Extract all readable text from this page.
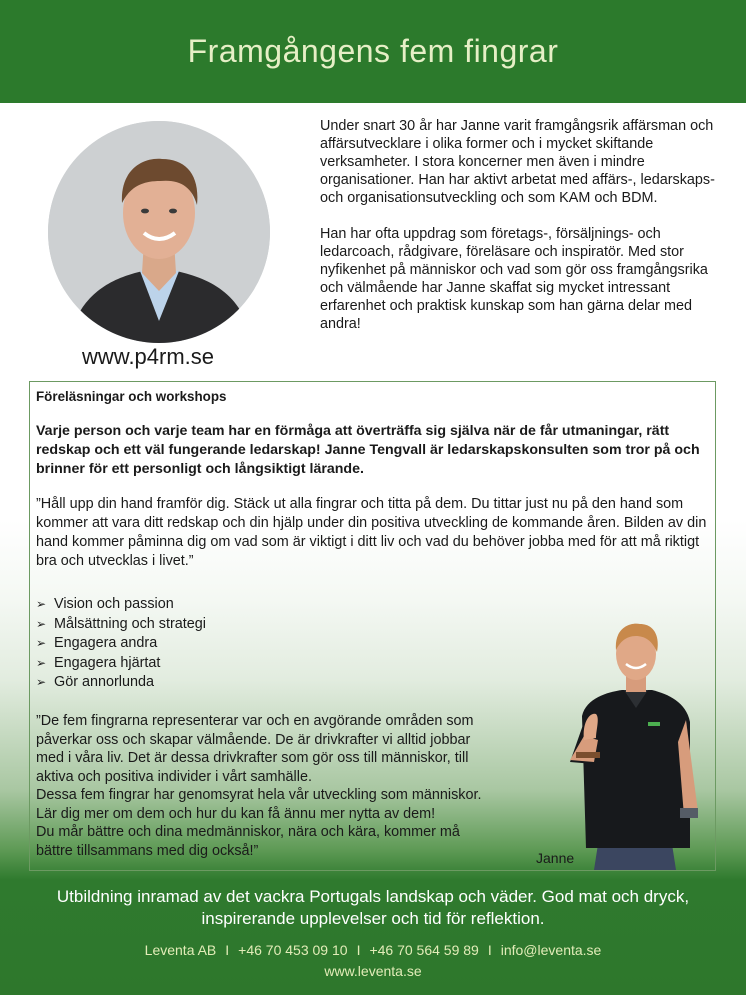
Framgångens fem fingrar
www.p4rm.se

Under snart 30 år har Janne varit framgångsrik affärsman och affärsutvecklare i olika former och i mycket skiftande verksamheter. I stora koncerner men även i mindre organisationer. Han har aktivt arbetat med affärs-, ledarskaps- och organisationsutveckling och som KAM och BDM.

Han har ofta uppdrag som företags-, försäljnings- och ledarcoach, rådgivare, föreläsare och inspiratör. Med stor nyfikenhet på människor och vad som gör oss framgångsrika och välmående har Janne skaffat sig mycket intressant erfarenhet och praktisk kunskap som han gärna delar med andra!

Föreläsningar och workshops
Varje person och varje team har en förmåga att överträffa sig själva när de får utmaningar, rätt redskap och ett väl fungerande ledarskap! Janne Tengvall är ledarskapskonsulten som tror på och brinner för ett personligt och långsiktigt lärande.
”Håll upp din hand framför dig. Stäck ut alla fingrar och titta på dem. Du tittar just nu på den hand som kommer att vara ditt redskap och din hjälp under din positiva utveckling de kommande åren. Bilden av din hand kommer påminna dig om vad som är viktigt i ditt liv och vad du behöver jobba med för att må riktigt bra och utvecklas i livet.”
➢ Vision och passion
➢ Målsättning och strategi
➢ Engagera andra
➢ Engagera hjärtat
➢ Gör annorlunda

”De fem fingrarna representerar var och en avgörande områden som

påverkar oss och skapar välmående. De är drivkrafter vi alltid jobbar

med i våra liv. Det är dessa drivkrafter som gör oss till människor, till

aktiva och positiva individer i vårt samhälle.

Dessa fem fingrar har genomsyrat hela vår utveckling som människor.

Lär dig mer om dem och hur du kan få ännu mer nytta av dem!

Du mår bättre och dina medmänniskor, nära och kära, kommer må

bättre tillsammans med dig också!”	Janne
Utbildning inramad av det vackra Portugals landskap och väder. God mat och dryck, inspirerande upplevelser och tid för reflektion.
Leventa AB I +46 70 453 09 10 I +46 70 564 59 89 I info@leventa.se
www.leventa.se
